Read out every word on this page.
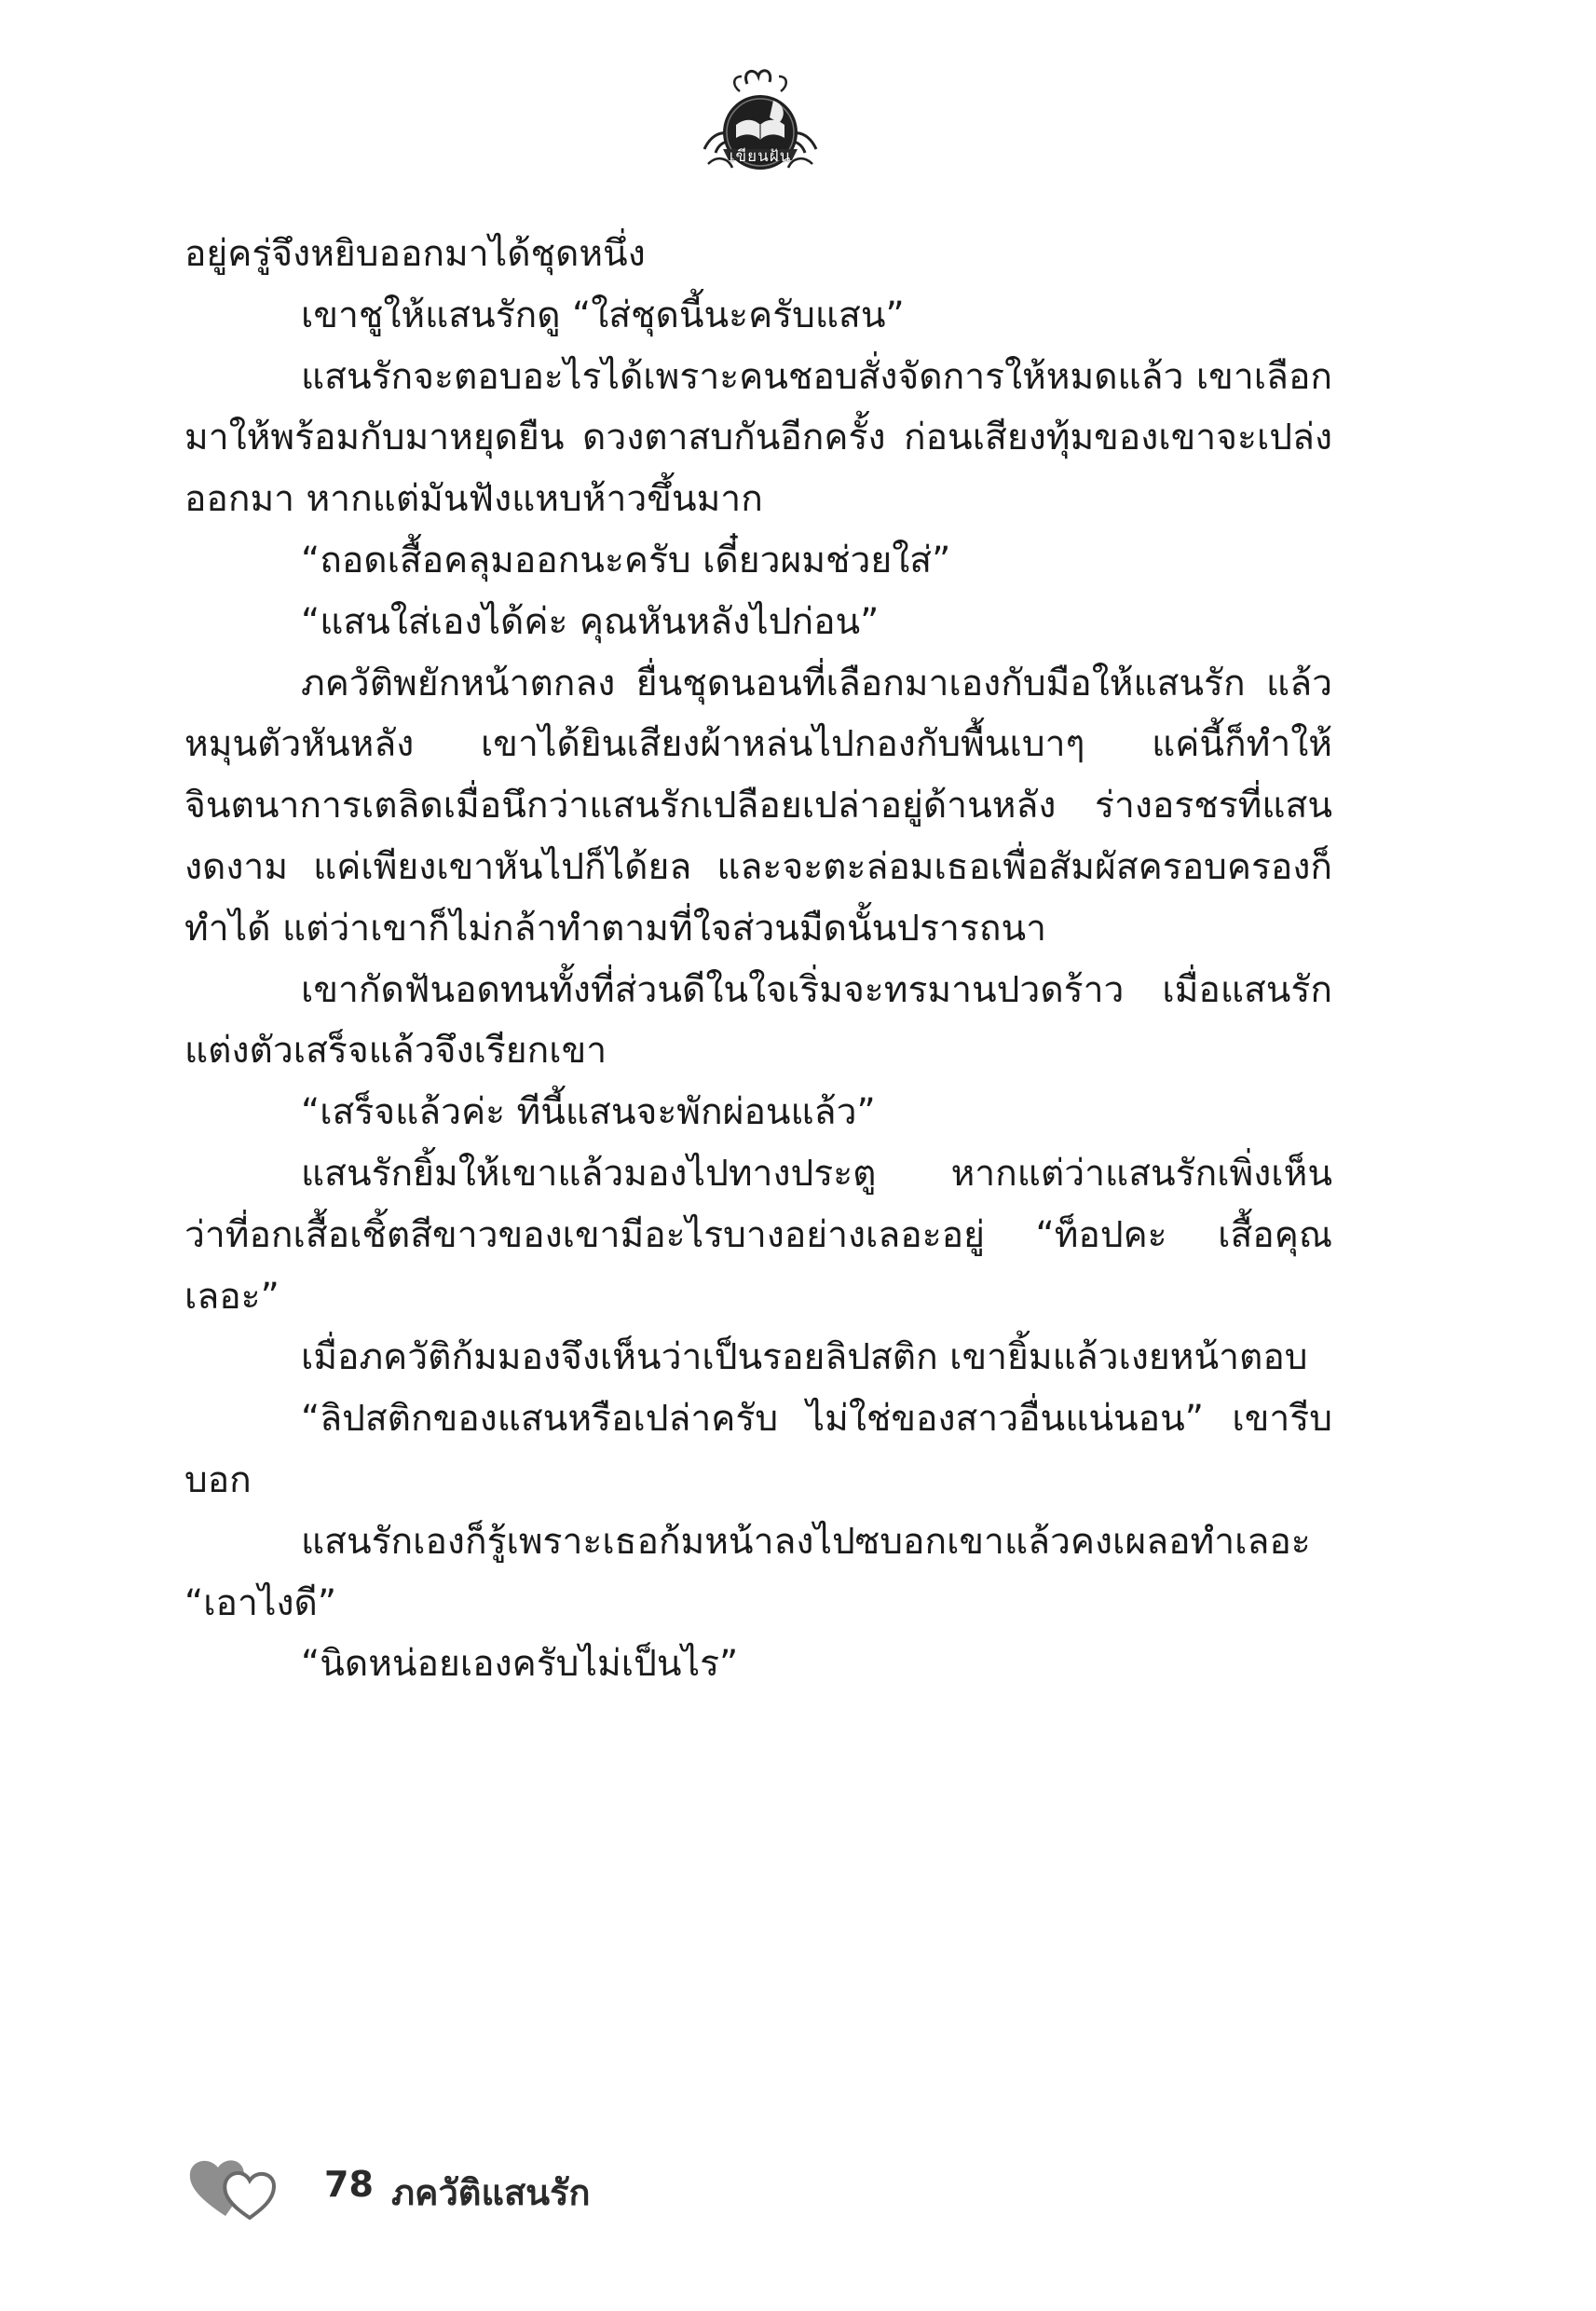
เขียนฝัน

อยู่ครู่จึงหยิบออกมาได้ชุดหนึ่ง

เขาชูให้แสนรักดู “ใส่ชุดนี้นะครับแสน”

แสนรักจะตอบอะไรได้เพราะคนชอบสั่งจัดการให้หมดแล้ว เขาเลือกมาให้พร้อมกับมาหยุดยืน ดวงตาสบกันอีกครั้ง ก่อนเสียงทุ้มของเขาจะเปล่งออกมา หากแต่มันฟังแหบห้าวขึ้นมาก

“ถอดเสื้อคลุมออกนะครับ เดี๋ยวผมช่วยใส่”

“แสนใส่เองได้ค่ะ คุณหันหลังไปก่อน”

ภควัติพยักหน้าตกลง ยื่นชุดนอนที่เลือกมาเองกับมือให้แสนรัก แล้วหมุนตัวหันหลัง เขาได้ยินเสียงผ้าหล่นไปกองกับพื้นเบาๆ แค่นี้ก็ทำให้จินตนาการเตลิดเมื่อนึกว่าแสนรักเปลือยเปล่าอยู่ด้านหลัง ร่างอรชรที่แสนงดงาม แค่เพียงเขาหันไปก็ได้ยล และจะตะล่อมเธอเพื่อสัมผัสครอบครองก็ทำได้ แต่ว่าเขาก็ไม่กล้าทำตามที่ใจส่วนมืดนั้นปรารถนา

เขากัดฟันอดทนทั้งที่ส่วนดีในใจเริ่มจะทรมานปวดร้าว เมื่อแสนรักแต่งตัวเสร็จแล้วจึงเรียกเขา

“เสร็จแล้วค่ะ ทีนี้แสนจะพักผ่อนแล้ว”

แสนรักยิ้มให้เขาแล้วมองไปทางประตู หากแต่ว่าแสนรักเพิ่งเห็นว่าที่อกเสื้อเชิ้ตสีขาวของเขามีอะไรบางอย่างเลอะอยู่ “ท็อปคะ เสื้อคุณเลอะ”

เมื่อภควัติก้มมองจึงเห็นว่าเป็นรอยลิปสติก เขายิ้มแล้วเงยหน้าตอบ

“ลิปสติกของแสนหรือเปล่าครับ ไม่ใช่ของสาวอื่นแน่นอน” เขารีบบอก

แสนรักเองก็รู้เพราะเธอก้มหน้าลงไปซบอกเขาแล้วคงเผลอทำเลอะ “เอาไงดี”

“นิดหน่อยเองครับไม่เป็นไร”

78 ภควัติแสนรัก
